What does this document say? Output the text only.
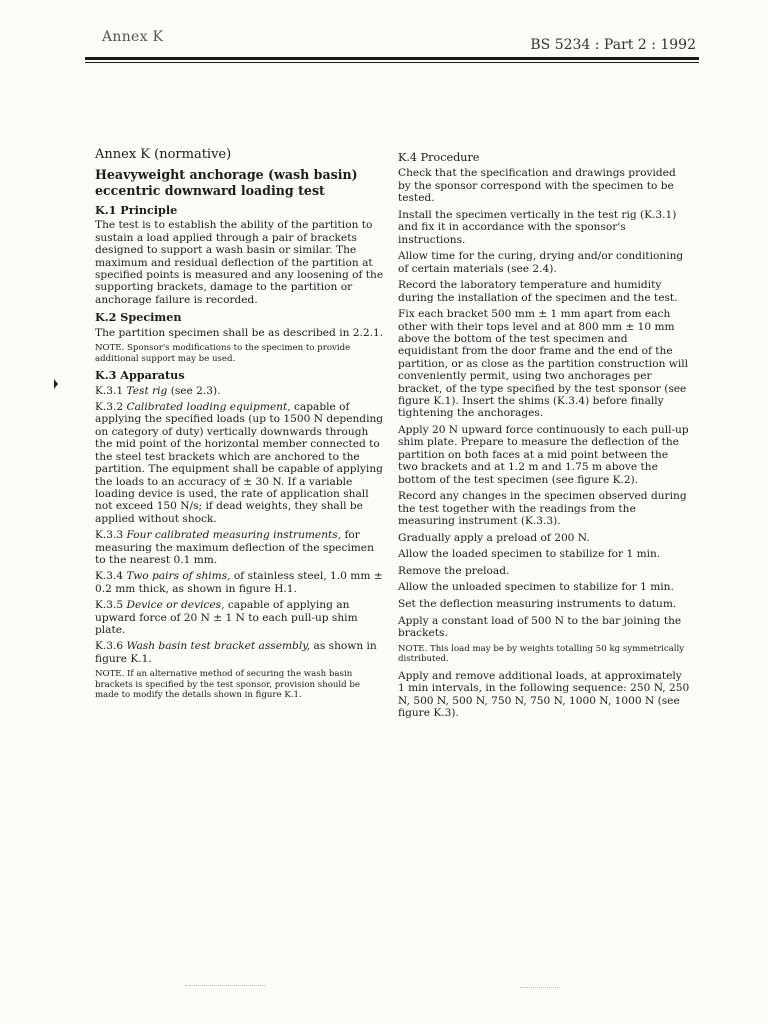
Annex K	BS 5234 : Part 2 : 1992
Annex K (normative)
Heavyweight anchorage (wash basin) eccentric downward loading test
K.1 Principle

The test is to establish the ability of the partition to sustain a load applied through a pair of brackets designed to support a wash basin or similar. The maximum and residual deflection of the partition at specified points is measured and any loosening of the supporting brackets, damage to the partition or anchorage failure is recorded.

K.2 Specimen

The partition specimen shall be as described in 2.2.1.

NOTE. Sponsor's modifications to the specimen to provide additional support may be used.
K.3 Apparatus

K.3.1 Test rig (see 2.3).

K.3.2 Calibrated loading equipment, capable of applying the specified loads (up to 1500 N depending on category of duty) vertically downwards through the mid point of the horizontal member connected to the steel test brackets which are anchored to the partition. The equipment shall be capable of applying the loads to an accuracy of ± 30 N. If a variable loading device is used, the rate of application shall not exceed 150 N/s; if dead weights, they shall be applied without shock.

K.3.3 Four calibrated measuring instruments, for measuring the maximum deflection of the specimen to the nearest 0.1 mm.

K.3.4 Two pairs of shims, of stainless steel, 1.0 mm ± 0.2 mm thick, as shown in figure H.1.

K.3.5 Device or devices, capable of applying an upward force of 20 N ± 1 N to each pull-up shim plate.

K.3.6 Wash basin test bracket assembly, as shown in figure K.1.

NOTE. If an alternative method of securing the wash basin brackets is specified by the test sponsor, provision should be made to modify the details shown in figure K.1.
K.4 Procedure

Check that the specification and drawings provided by the sponsor correspond with the specimen to be tested.

Install the specimen vertically in the test rig (K.3.1) and fix it in accordance with the sponsor's instructions.

Allow time for the curing, drying and/or conditioning of certain materials (see 2.4).

Record the laboratory temperature and humidity during the installation of the specimen and the test.

Fix each bracket 500 mm ± 1 mm apart from each other with their tops level and at 800 mm ± 10 mm above the bottom of the test specimen and equidistant from the door frame and the end of the partition, or as close as the partition construction will conveniently permit, using two anchorages per bracket, of the type specified by the test sponsor (see figure K.1). Insert the shims (K.3.4) before finally tightening the anchorages.

Apply 20 N upward force continuously to each pull-up shim plate. Prepare to measure the deflection of the partition on both faces at a mid point between the two brackets and at 1.2 m and 1.75 m above the bottom of the test specimen (see figure K.2).

Record any changes in the specimen observed during the test together with the readings from the measuring instrument (K.3.3).

Gradually apply a preload of 200 N.

Allow the loaded specimen to stabilize for 1 min.

Remove the preload.

Allow the unloaded specimen to stabilize for 1 min.

Set the deflection measuring instruments to datum.

Apply a constant load of 500 N to the bar joining the brackets.

NOTE. This load may be by weights totalling 50 kg symmetrically distributed.

Apply and remove additional loads, at approximately 1 min intervals, in the following sequence: 250 N, 250 N, 500 N, 500 N, 750 N, 750 N, 1000 N, 1000 N (see figure K.3).
